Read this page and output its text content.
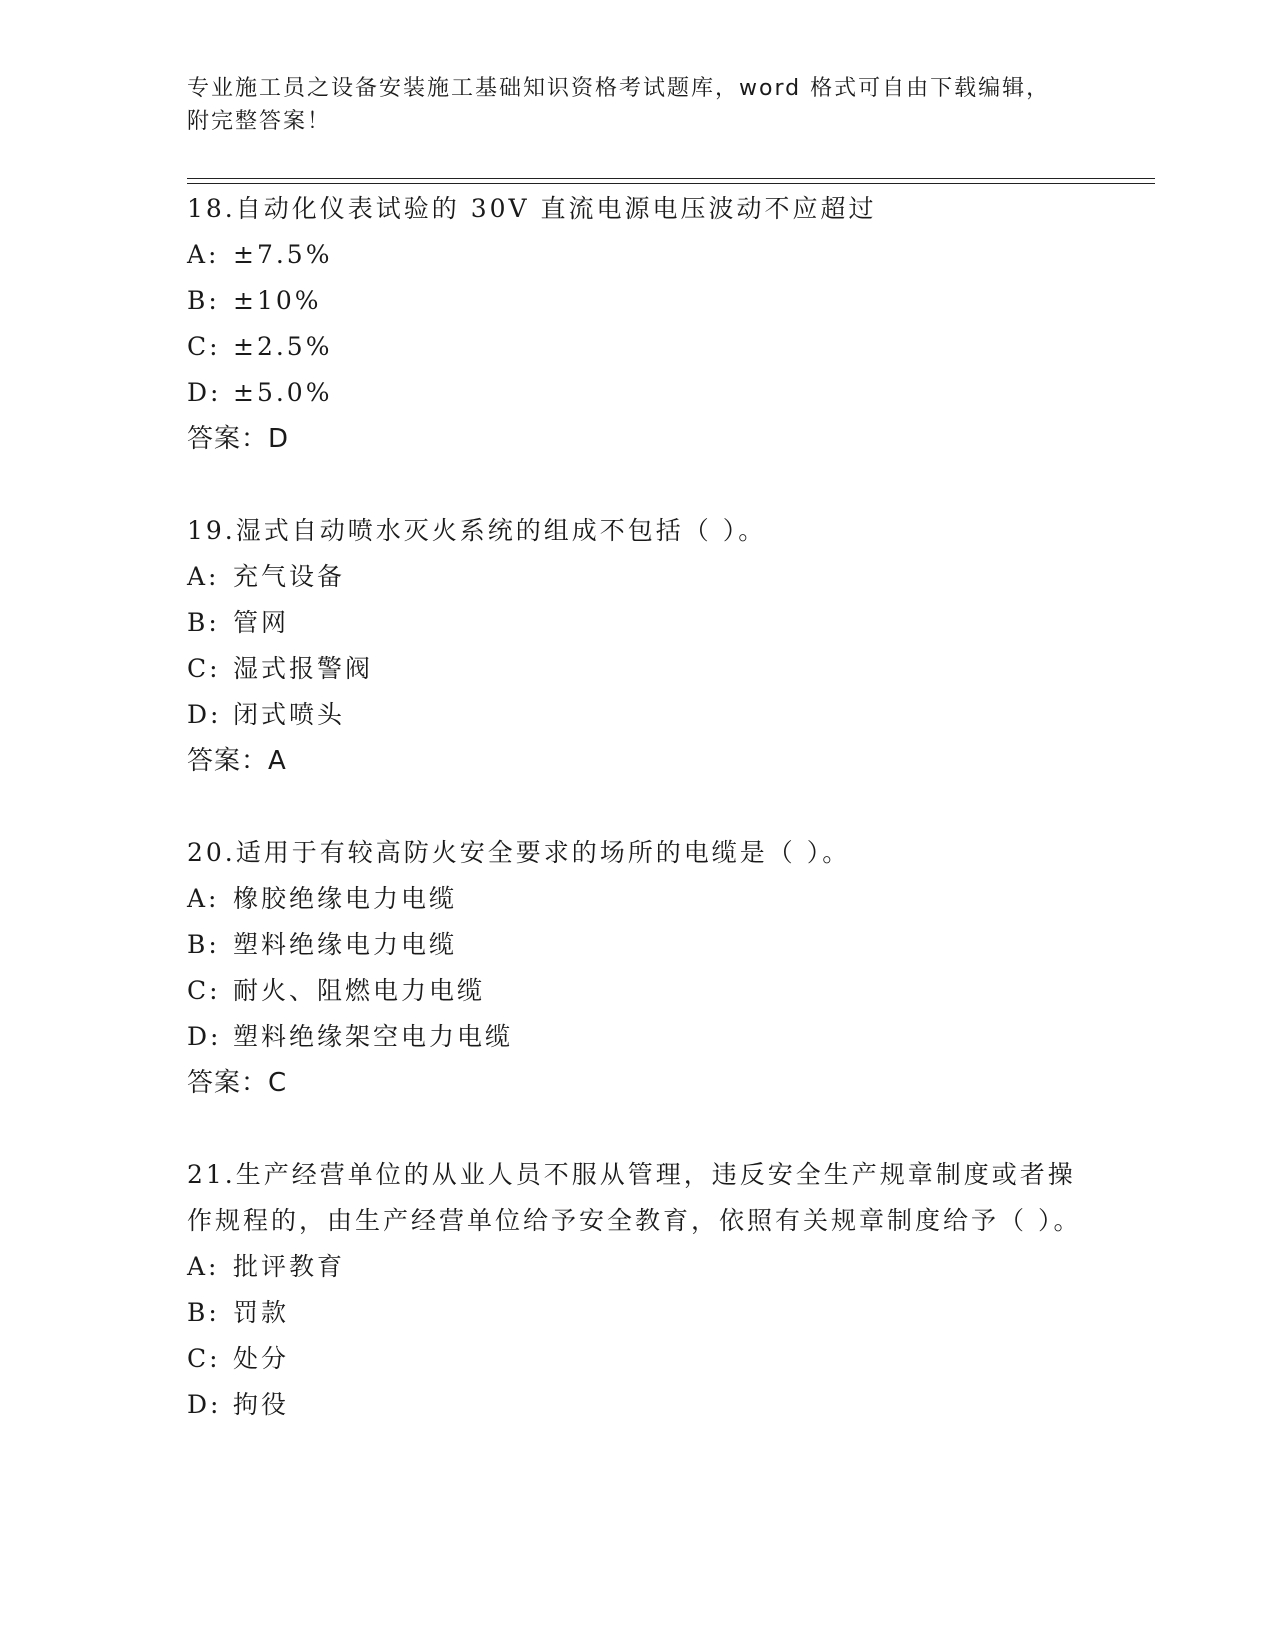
专业施工员之设备安装施工基础知识资格考试题库，word 格式可自由下载编辑，
附完整答案！
18.自动化仪表试验的 30V 直流电源电压波动不应超过
A: ±7.5%
B: ±10%
C: ±2.5%
D: ±5.0%
答案：D
19.湿式自动喷水灭火系统的组成不包括（ ）。
A: 充气设备
B: 管网
C: 湿式报警阀
D: 闭式喷头
答案：A
20.适用于有较高防火安全要求的场所的电缆是（ ）。
A: 橡胶绝缘电力电缆
B: 塑料绝缘电力电缆
C: 耐火、阻燃电力电缆
D: 塑料绝缘架空电力电缆
答案：C
21.生产经营单位的从业人员不服从管理，违反安全生产规章制度或者操作规程的，由生产经营单位给予安全教育，依照有关规章制度给予（ ）。
A: 批评教育
B: 罚款
C: 处分
D: 拘役
